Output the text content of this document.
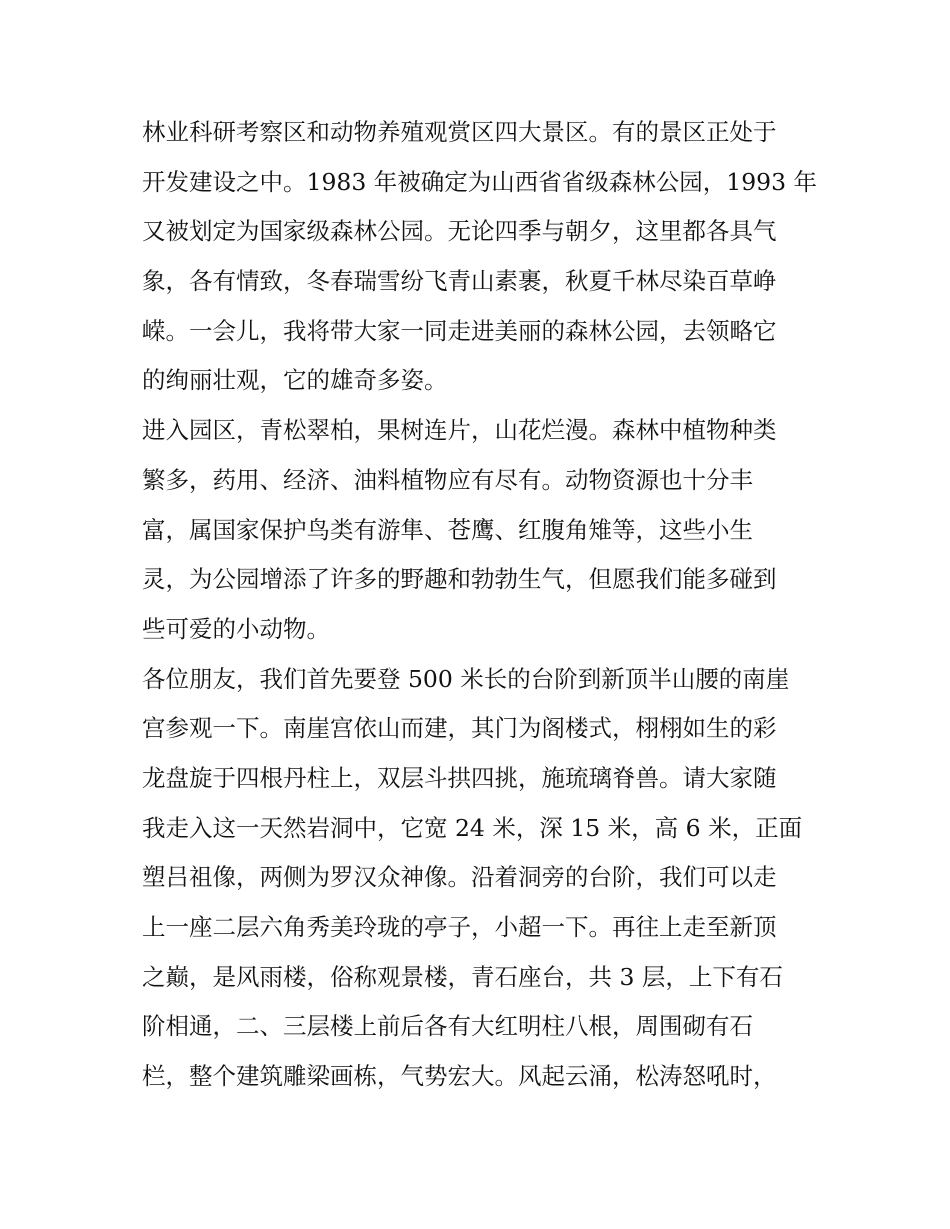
林业科研考察区和动物养殖观赏区四大景区。有的景区正处于
开发建设之中。1983 年被确定为山西省省级森林公园，1993 年
又被划定为国家级森林公园。无论四季与朝夕，这里都各具气
象，各有情致，冬春瑞雪纷飞青山素裹，秋夏千林尽染百草峥
嵘。一会儿，我将带大家一同走进美丽的森林公园，去领略它
的绚丽壮观，它的雄奇多姿。
进入园区，青松翠柏，果树连片，山花烂漫。森林中植物种类
繁多，药用、经济、油料植物应有尽有。动物资源也十分丰
富，属国家保护鸟类有游隼、苍鹰、红腹角雉等，这些小生
灵，为公园增添了许多的野趣和勃勃生气，但愿我们能多碰到
些可爱的小动物。
各位朋友，我们首先要登 500 米长的台阶到新顶半山腰的南崖
宫参观一下。南崖宫依山而建，其门为阁楼式，栩栩如生的彩
龙盘旋于四根丹柱上，双层斗拱四挑，施琉璃脊兽。请大家随
我走入这一天然岩洞中，它宽 24 米，深 15 米，高 6 米，正面
塑吕祖像，两侧为罗汉众神像。沿着洞旁的台阶，我们可以走
上一座二层六角秀美玲珑的亭子，小超一下。再往上走至新顶
之巅，是风雨楼，俗称观景楼，青石座台，共 3 层，上下有石
阶相通，二、三层楼上前后各有大红明柱八根，周围砌有石
栏，整个建筑雕梁画栋，气势宏大。风起云涌，松涛怒吼时，
